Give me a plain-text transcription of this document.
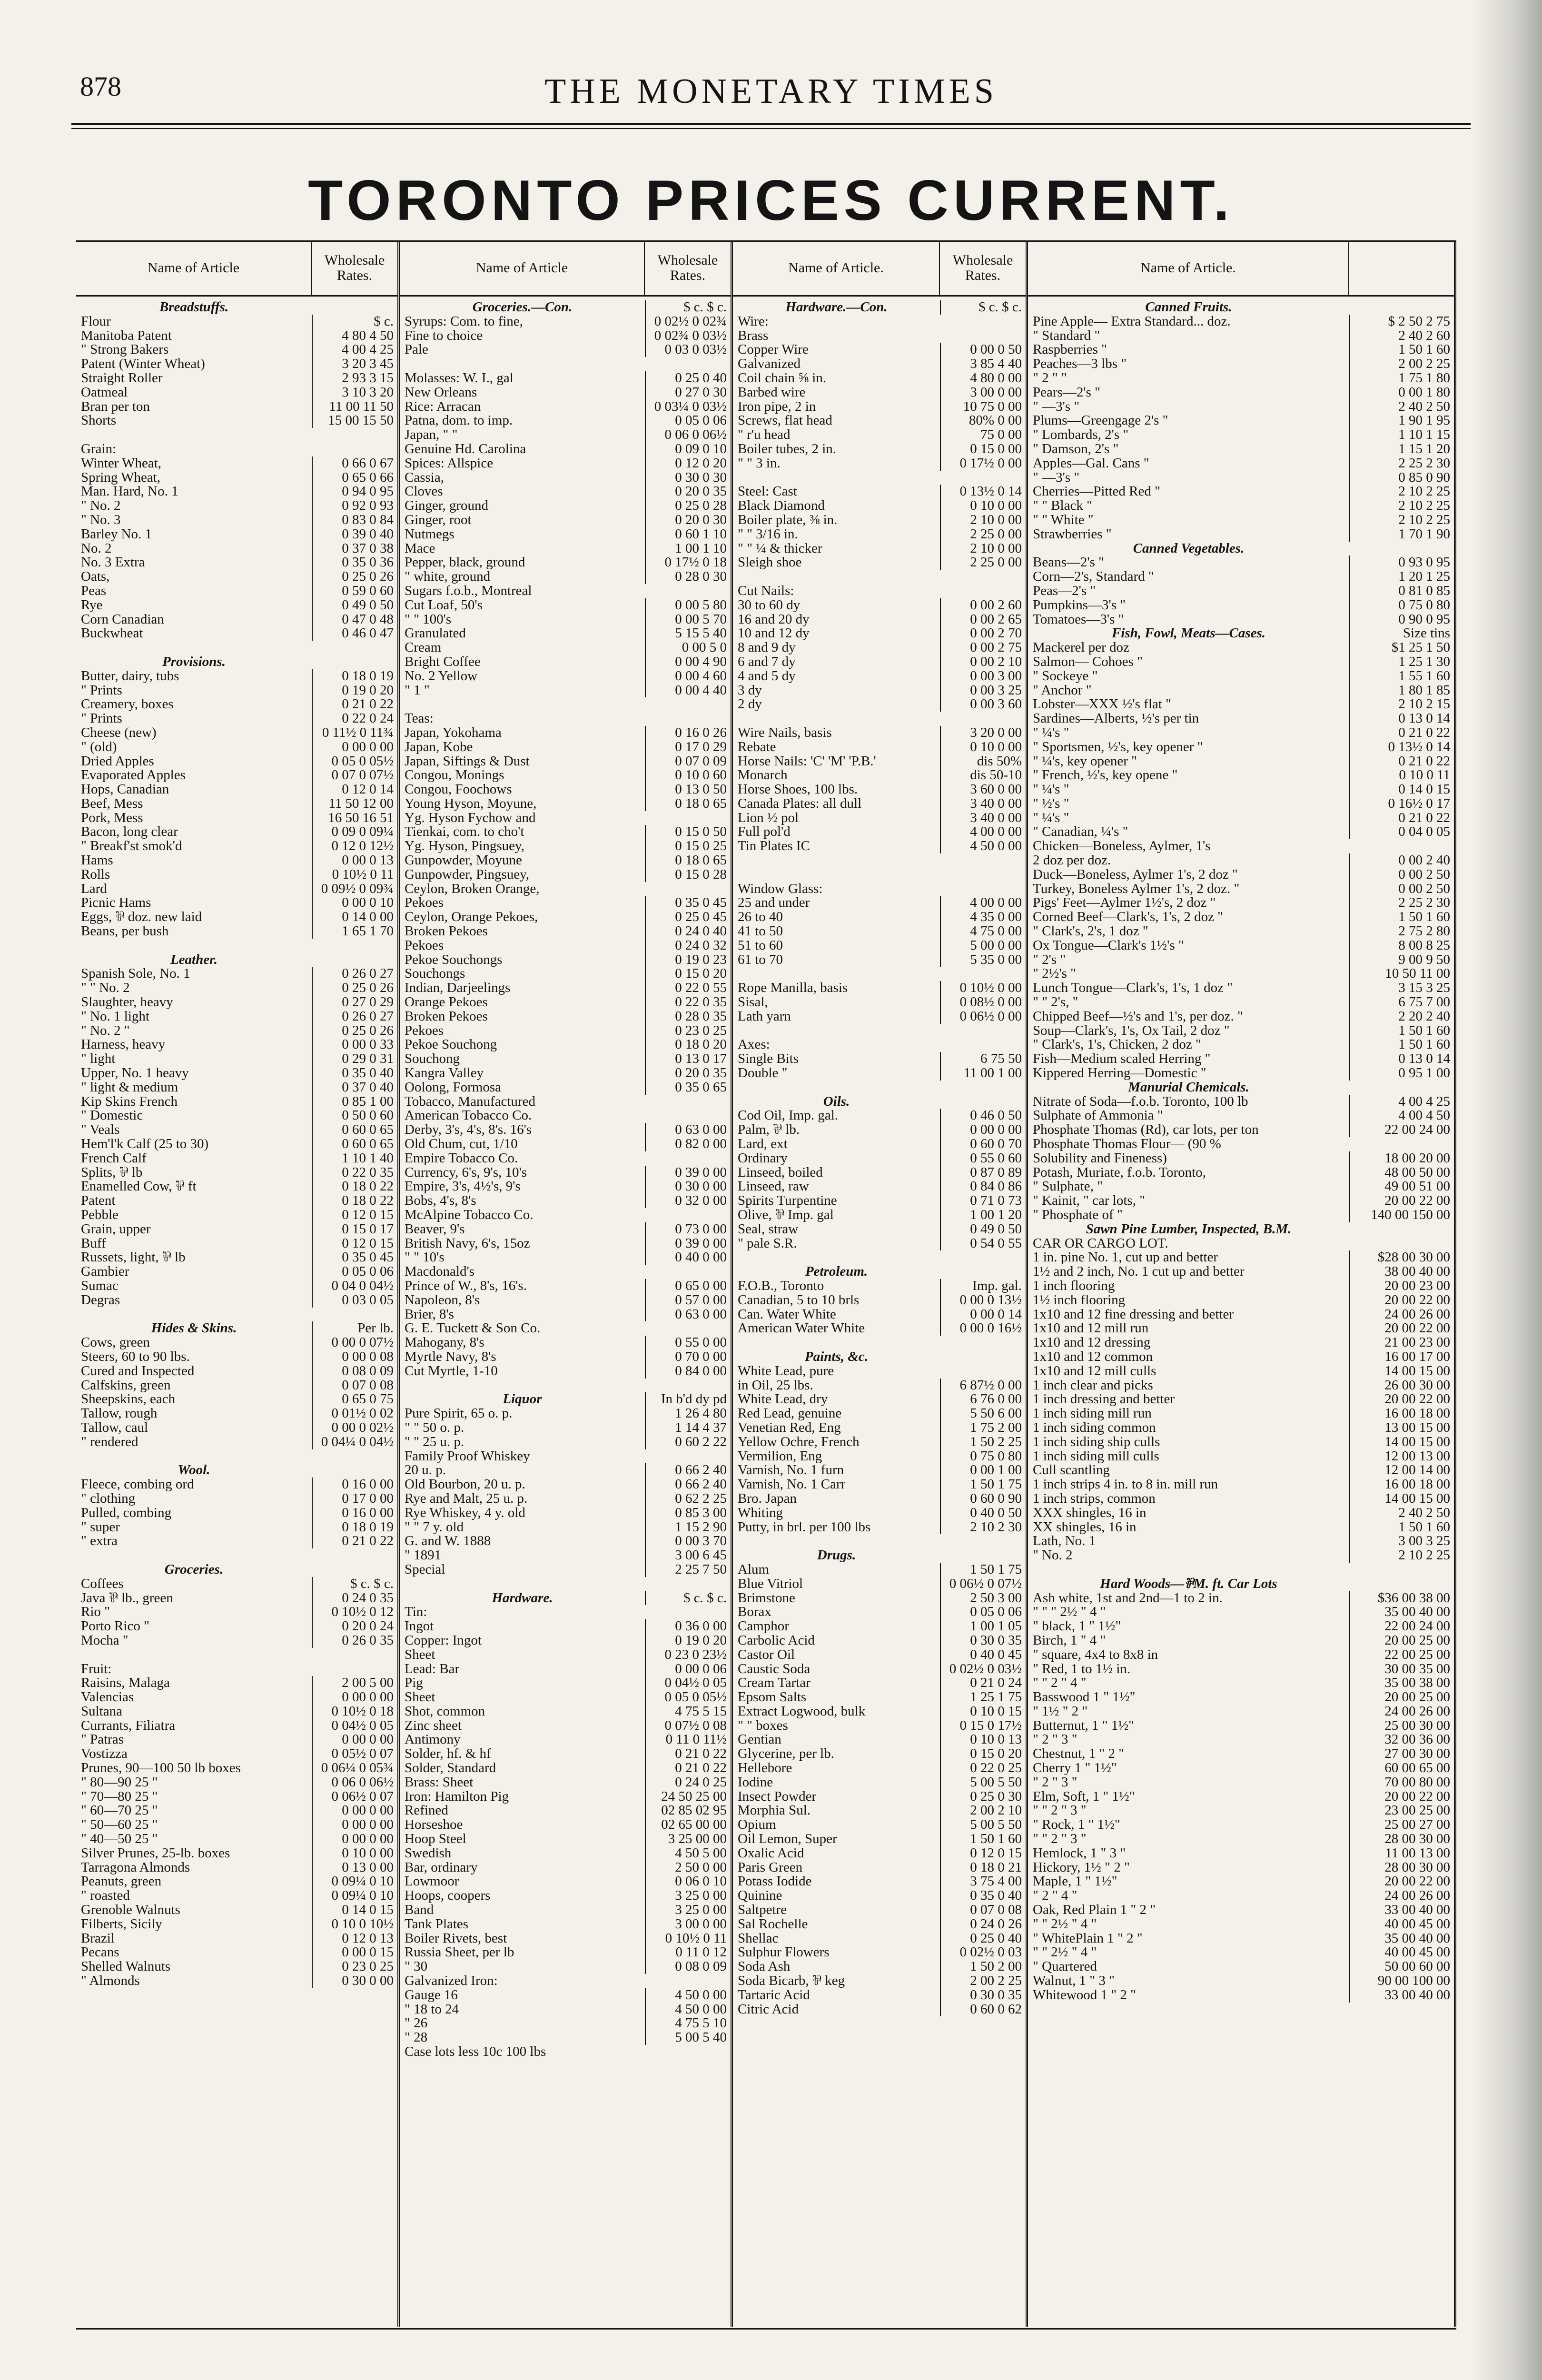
878	THE MONETARY TIMES
TORONTO PRICES CURRENT.
Name of Article	Wholesale Rates.
Breadstuffs.
Flour	$ c.
Manitoba Patent	4 80 4 50
" Strong Bakers	4 00 4 25
Patent (Winter Wheat)	3 20 3 45
Straight Roller	2 93 3 15
Oatmeal	3 10 3 20
Bran per ton	11 00 11 50
Shorts	15 00 15 50
Grain:
Winter Wheat,	0 66 0 67
Spring Wheat,	0 65 0 66
Man. Hard, No. 1	0 94 0 95
" No. 2	0 92 0 93
" No. 3	0 83 0 84
Barley No. 1	0 39 0 40
No. 2	0 37 0 38
No. 3 Extra	0 35 0 36
Oats,	0 25 0 26
Peas	0 59 0 60
Rye	0 49 0 50
Corn Canadian	0 47 0 48
Buckwheat	0 46 0 47
Provisions.
Butter, dairy, tubs	0 18 0 19
" Prints	0 19 0 20
Creamery, boxes	0 21 0 22
" Prints	0 22 0 24
Cheese (new)	0 11½ 0 11¾
" (old)	0 00 0 00
Dried Apples	0 05 0 05½
Evaporated Apples	0 07 0 07½
Hops, Canadian	0 12 0 14
Beef, Mess	11 50 12 00
Pork, Mess	16 50 16 51
Bacon, long clear	0 09 0 09¼
" Breakf'st smok'd	0 12 0 12½
Hams	0 00 0 13
Rolls	0 10½ 0 11
Lard	0 09½ 0 09¾
Picnic Hams	0 00 0 10
Eggs, ⅌ doz. new laid	0 14 0 00
Beans, per bush	1 65 1 70
Leather.
Spanish Sole, No. 1	0 26 0 27
" " No. 2	0 25 0 26
Slaughter, heavy	0 27 0 29
" No. 1 light	0 26 0 27
" No. 2 "	0 25 0 26
Harness, heavy	0 00 0 33
" light	0 29 0 31
Upper, No. 1 heavy	0 35 0 40
" light & medium	0 37 0 40
Kip Skins French	0 85 1 00
" Domestic	0 50 0 60
" Veals	0 60 0 65
Hem'l'k Calf (25 to 30)	0 60 0 65
French Calf	1 10 1 40
Splits, ⅌ lb	0 22 0 35
Enamelled Cow, ⅌ ft	0 18 0 22
Patent	0 18 0 22
Pebble	0 12 0 15
Grain, upper	0 15 0 17
Buff	0 12 0 15
Russets, light, ⅌ lb	0 35 0 45
Gambier	0 05 0 06
Sumac	0 04 0 04½
Degras	0 03 0 05
Hides & Skins.	Per lb.
Cows, green	0 00 0 07½
Steers, 60 to 90 lbs.	0 00 0 08
Cured and Inspected	0 08 0 09
Calfskins, green	0 07 0 08
Sheepskins, each	0 65 0 75
Tallow, rough	0 01½ 0 02
Tallow, caul	0 00 0 02½
" rendered	0 04¼ 0 04½
Wool.
Fleece, combing ord	0 16 0 00
" clothing	0 17 0 00
Pulled, combing	0 16 0 00
" super	0 18 0 19
" extra	0 21 0 22
Groceries.
Coffees	$ c. $ c.
Java ⅌ lb., green	0 24 0 35
Rio "	0 10½ 0 12
Porto Rico "	0 20 0 24
Mocha "	0 26 0 35
Fruit:
Raisins, Malaga	2 00 5 00
Valencias	0 00 0 00
Sultana	0 10½ 0 18
Currants, Filiatra	0 04½ 0 05
" Patras	0 00 0 00
Vostizza	0 05½ 0 07
Prunes, 90—100 50 lb boxes	0 06¼ 0 05¾
" 80—90 25 "	0 06 0 06½
" 70—80 25 "	0 06½ 0 07
" 60—70 25 "	0 00 0 00
" 50—60 25 "	0 00 0 00
" 40—50 25 "	0 00 0 00
Silver Prunes, 25-lb. boxes	0 10 0 00
Tarragona Almonds	0 13 0 00
Peanuts, green	0 09¼ 0 10
" roasted	0 09¼ 0 10
Grenoble Walnuts	0 14 0 15
Filberts, Sicily	0 10 0 10½
Brazil	0 12 0 13
Pecans	0 00 0 15
Shelled Walnuts	0 23 0 25
" Almonds	0 30 0 00
Name of Article	Wholesale Rates.
Groceries.—Con.	$ c. $ c.
Syrups: Com. to fine,	0 02½ 0 02¾
Fine to choice	0 02¾ 0 03½
Pale	0 03 0 03½
Molasses: W. I., gal	0 25 0 40
New Orleans	0 27 0 30
Rice: Arracan	0 03¼ 0 03½
Patna, dom. to imp.	0 05 0 06
Japan, " "	0 06 0 06½
Genuine Hd. Carolina	0 09 0 10
Spices: Allspice	0 12 0 20
Cassia,	0 30 0 30
Cloves	0 20 0 35
Ginger, ground	0 25 0 28
Ginger, root	0 20 0 30
Nutmegs	0 60 1 10
Mace	1 00 1 10
Pepper, black, ground	0 17½ 0 18
" white, ground	0 28 0 30
Sugars f.o.b., Montreal
Cut Loaf, 50's	0 00 5 80
" " 100's	0 00 5 70
Granulated	5 15 5 40
Cream	0 00 5 0
Bright Coffee	0 00 4 90
No. 2 Yellow	0 00 4 60
" 1 "	0 00 4 40
Teas:
Japan, Yokohama	0 16 0 26
Japan, Kobe	0 17 0 29
Japan, Siftings & Dust	0 07 0 09
Congou, Monings	0 10 0 60
Congou, Foochows	0 13 0 50
Young Hyson, Moyune,	0 18 0 65
Yg. Hyson Fychow and
Tienkai, com. to cho't	0 15 0 50
Yg. Hyson, Pingsuey,	0 15 0 25
Gunpowder, Moyune	0 18 0 65
Gunpowder, Pingsuey,	0 15 0 28
Ceylon, Broken Orange,
Pekoes	0 35 0 45
Ceylon, Orange Pekoes,	0 25 0 45
Broken Pekoes	0 24 0 40
Pekoes	0 24 0 32
Pekoe Souchongs	0 19 0 23
Souchongs	0 15 0 20
Indian, Darjeelings	0 22 0 55
Orange Pekoes	0 22 0 35
Broken Pekoes	0 28 0 35
Pekoes	0 23 0 25
Pekoe Souchong	0 18 0 20
Souchong	0 13 0 17
Kangra Valley	0 20 0 35
Oolong, Formosa	0 35 0 65
Tobacco, Manufactured
American Tobacco Co.
Derby, 3's, 4's, 8's. 16's	0 63 0 00
Old Chum, cut, 1/10	0 82 0 00
Empire Tobacco Co.
Currency, 6's, 9's, 10's	0 39 0 00
Empire, 3's, 4½'s, 9's	0 30 0 00
Bobs, 4's, 8's	0 32 0 00
McAlpine Tobacco Co.
Beaver, 9's	0 73 0 00
British Navy, 6's, 15oz	0 39 0 00
" " 10's	0 40 0 00
Macdonald's
Prince of W., 8's, 16's.	0 65 0 00
Napoleon, 8's	0 57 0 00
Brier, 8's	0 63 0 00
G. E. Tuckett & Son Co.
Mahogany, 8's	0 55 0 00
Myrtle Navy, 8's	0 70 0 00
Cut Myrtle, 1-10	0 84 0 00
Liquor	In b'd dy pd
Pure Spirit, 65 o. p.	1 26 4 80
" " 50 o. p.	1 14 4 37
" " 25 u. p.	0 60 2 22
Family Proof Whiskey
20 u. p.	0 66 2 40
Old Bourbon, 20 u. p.	0 66 2 40
Rye and Malt, 25 u. p.	0 62 2 25
Rye Whiskey, 4 y. old	0 85 3 00
" " 7 y. old	1 15 2 90
G. and W. 1888	0 00 3 70
" 1891	3 00 6 45
Special	2 25 7 50
Hardware.	$ c. $ c.
Tin:
Ingot	0 36 0 00
Copper: Ingot	0 19 0 20
Sheet	0 23 0 23½
Lead: Bar	0 00 0 06
Pig	0 04½ 0 05
Sheet	0 05 0 05½
Shot, common	4 75 5 15
Zinc sheet	0 07½ 0 08
Antimony	0 11 0 11½
Solder, hf. & hf	0 21 0 22
Solder, Standard	0 21 0 22
Brass: Sheet	0 24 0 25
Iron: Hamilton Pig	24 50 25 00
Refined	02 85 02 95
Horseshoe	02 65 00 00
Hoop Steel	3 25 00 00
Swedish	4 50 5 00
Bar, ordinary	2 50 0 00
Lowmoor	0 06 0 10
Hoops, coopers	3 25 0 00
Band	3 25 0 00
Tank Plates	3 00 0 00
Boiler Rivets, best	0 10½ 0 11
Russia Sheet, per lb	0 11 0 12
" 30	0 08 0 09
Galvanized Iron:
Gauge 16	4 50 0 00
" 18 to 24	4 50 0 00
" 26	4 75 5 10
" 28	5 00 5 40
Case lots less 10c 100 lbs
Name of Article.	Wholesale Rates.
Hardware.—Con.	$ c. $ c.
Wire:
Brass
Copper Wire	0 00 0 50
Galvanized	3 85 4 40
Coil chain ⅝ in.	4 80 0 00
Barbed wire	3 00 0 00
Iron pipe, 2 in	10 75 0 00
Screws, flat head	80% 0 00
" r'u head	75 0 00
Boiler tubes, 2 in.	0 15 0 00
" " 3 in.	0 17½ 0 00
Steel: Cast	0 13½ 0 14
Black Diamond	0 10 0 00
Boiler plate, ⅜ in.	2 10 0 00
" " 3/16 in.	2 25 0 00
" " ¼ & thicker	2 10 0 00
Sleigh shoe	2 25 0 00
Cut Nails:
30 to 60 dy	0 00 2 60
16 and 20 dy	0 00 2 65
10 and 12 dy	0 00 2 70
8 and 9 dy	0 00 2 75
6 and 7 dy	0 00 2 10
4 and 5 dy	0 00 3 00
3 dy	0 00 3 25
2 dy	0 00 3 60
Wire Nails, basis	3 20 0 00
Rebate	0 10 0 00
Horse Nails: 'C' 'M' 'P.B.'	dis 50%
Monarch	dis 50-10
Horse Shoes, 100 lbs.	3 60 0 00
Canada Plates: all dull	3 40 0 00
Lion ½ pol	3 40 0 00
Full pol'd	4 00 0 00
Tin Plates IC	4 50 0 00
Window Glass:
25 and under	4 00 0 00
26 to 40	4 35 0 00
41 to 50	4 75 0 00
51 to 60	5 00 0 00
61 to 70	5 35 0 00
Rope Manilla, basis	0 10½ 0 00
Sisal,	0 08½ 0 00
Lath yarn	0 06½ 0 00
Axes:
Single Bits	6 75 50
Double "	11 00 1 00
Oils.
Cod Oil, Imp. gal.	0 46 0 50
Palm, ⅌ lb.	0 00 0 00
Lard, ext	0 60 0 70
Ordinary	0 55 0 60
Linseed, boiled	0 87 0 89
Linseed, raw	0 84 0 86
Spirits Turpentine	0 71 0 73
Olive, ⅌ Imp. gal	1 00 1 20
Seal, straw	0 49 0 50
" pale S.R.	0 54 0 55
Petroleum.
F.O.B., Toronto	Imp. gal.
Canadian, 5 to 10 brls	0 00 0 13½
Can. Water White	0 00 0 14
American Water White	0 00 0 16½
Paints, &c.
White Lead, pure
in Oil, 25 lbs.	6 87½ 0 00
White Lead, dry	6 76 0 00
Red Lead, genuine	5 50 6 00
Venetian Red, Eng	1 75 2 00
Yellow Ochre, French	1 50 2 25
Vermilion, Eng	0 75 0 80
Varnish, No. 1 furn	0 00 1 00
Varnish, No. 1 Carr	1 50 1 75
Bro. Japan	0 60 0 90
Whiting	0 40 0 50
Putty, in brl. per 100 lbs	2 10 2 30
Drugs.
Alum	1 50 1 75
Blue Vitriol	0 06½ 0 07½
Brimstone	2 50 3 00
Borax	0 05 0 06
Camphor	1 00 1 05
Carbolic Acid	0 30 0 35
Castor Oil	0 40 0 45
Caustic Soda	0 02½ 0 03½
Cream Tartar	0 21 0 24
Epsom Salts	1 25 1 75
Extract Logwood, bulk	0 10 0 15
" " boxes	0 15 0 17½
Gentian	0 10 0 13
Glycerine, per lb.	0 15 0 20
Hellebore	0 22 0 25
Iodine	5 00 5 50
Insect Powder	0 25 0 30
Morphia Sul.	2 00 2 10
Opium	5 00 5 50
Oil Lemon, Super	1 50 1 60
Oxalic Acid	0 12 0 15
Paris Green	0 18 0 21
Potass Iodide	3 75 4 00
Quinine	0 35 0 40
Saltpetre	0 07 0 08
Sal Rochelle	0 24 0 26
Shellac	0 25 0 40
Sulphur Flowers	0 02½ 0 03
Soda Ash	1 50 2 00
Soda Bicarb, ⅌ keg	2 00 2 25
Tartaric Acid	0 30 0 35
Citric Acid	0 60 0 62
Name of Article.
Canned Fruits.
Pine Apple— Extra Standard... doz.	$ 2 50 2 75
" Standard "	2 40 2 60
Raspberries "	1 50 1 60
Peaches—3 lbs "	2 00 2 25
" 2 " "	1 75 1 80
Pears—2's "	0 00 1 80
" —3's "	2 40 2 50
Plums—Greengage 2's "	1 90 1 95
" Lombards, 2's "	1 10 1 15
" Damson, 2's "	1 15 1 20
Apples—Gal. Cans "	2 25 2 30
" —3's "	0 85 0 90
Cherries—Pitted Red "	2 10 2 25
" " Black "	2 10 2 25
" " White "	2 10 2 25
Strawberries "	1 70 1 90
Canned Vegetables.
Beans—2's "	0 93 0 95
Corn—2's, Standard "	1 20 1 25
Peas—2's "	0 81 0 85
Pumpkins—3's "	0 75 0 80
Tomatoes—3's "	0 90 0 95
Fish, Fowl, Meats—Cases.	Size tins
Mackerel per doz	$1 25 1 50
Salmon— Cohoes "	1 25 1 30
" Sockeye "	1 55 1 60
" Anchor "	1 80 1 85
Lobster—XXX ½'s flat "	2 10 2 15
Sardines—Alberts, ½'s per tin	0 13 0 14
" ¼'s "	0 21 0 22
" Sportsmen, ½'s, key opener "	0 13½ 0 14
" ¼'s, key opener "	0 21 0 22
" French, ½'s, key opene "	0 10 0 11
" ¼'s "	0 14 0 15
" ½'s "	0 16½ 0 17
" ¼'s "	0 21 0 22
" Canadian, ¼'s "	0 04 0 05
Chicken—Boneless, Aylmer, 1's
2 doz per doz.	0 00 2 40
Duck—Boneless, Aylmer 1's, 2 doz "	0 00 2 50
Turkey, Boneless Aylmer 1's, 2 doz. "	0 00 2 50
Pigs' Feet—Aylmer 1½'s, 2 doz "	2 25 2 30
Corned Beef—Clark's, 1's, 2 doz "	1 50 1 60
" Clark's, 2's, 1 doz "	2 75 2 80
Ox Tongue—Clark's 1½'s "	8 00 8 25
" 2's "	9 00 9 50
" 2½'s "	10 50 11 00
Lunch Tongue—Clark's, 1's, 1 doz "	3 15 3 25
" " 2's, "	6 75 7 00
Chipped Beef—½'s and 1's, per doz. "	2 20 2 40
Soup—Clark's, 1's, Ox Tail, 2 doz "	1 50 1 60
" Clark's, 1's, Chicken, 2 doz "	1 50 1 60
Fish—Medium scaled Herring "	0 13 0 14
Kippered Herring—Domestic "	0 95 1 00
Manurial Chemicals.
Nitrate of Soda—f.o.b. Toronto, 100 lb	4 00 4 25
Sulphate of Ammonia "	4 00 4 50
Phosphate Thomas (Rd), car lots, per ton	22 00 24 00
Phosphate Thomas Flour— (90 %
Solubility and Fineness)	18 00 20 00
Potash, Muriate, f.o.b. Toronto,	48 00 50 00
" Sulphate, "	49 00 51 00
" Kainit, " car lots, "	20 00 22 00
" Phosphate of "	140 00 150 00
Sawn Pine Lumber, Inspected, B.M.
CAR OR CARGO LOT.
1 in. pine No. 1, cut up and better	$28 00 30 00
1½ and 2 inch, No. 1 cut up and better	38 00 40 00
1 inch flooring	20 00 23 00
1½ inch flooring	20 00 22 00
1x10 and 12 fine dressing and better	24 00 26 00
1x10 and 12 mill run	20 00 22 00
1x10 and 12 dressing	21 00 23 00
1x10 and 12 common	16 00 17 00
1x10 and 12 mill culls	14 00 15 00
1 inch clear and picks	26 00 30 00
1 inch dressing and better	20 00 22 00
1 inch siding mill run	16 00 18 00
1 inch siding common	13 00 15 00
1 inch siding ship culls	14 00 15 00
1 inch siding mill culls	12 00 13 00
Cull scantling	12 00 14 00
1 inch strips 4 in. to 8 in. mill run	16 00 18 00
1 inch strips, common	14 00 15 00
XXX shingles, 16 in	2 40 2 50
XX shingles, 16 in	1 50 1 60
Lath, No. 1	3 00 3 25
" No. 2	2 10 2 25
Hard Woods—⅌M. ft. Car Lots
Ash white, 1st and 2nd—1 to 2 in.	$36 00 38 00
" " " 2½ " 4 "	35 00 40 00
" black, 1 " 1½"	22 00 24 00
Birch, 1 " 4 "	20 00 25 00
" square, 4x4 to 8x8 in	22 00 25 00
" Red, 1 to 1½ in.	30 00 35 00
" " 2 " 4 "	35 00 38 00
Basswood 1 " 1½"	20 00 25 00
" 1½ " 2 "	24 00 26 00
Butternut, 1 " 1½"	25 00 30 00
" 2 " 3 "	32 00 36 00
Chestnut, 1 " 2 "	27 00 30 00
Cherry 1 " 1½"	60 00 65 00
" 2 " 3 "	70 00 80 00
Elm, Soft, 1 " 1½"	20 00 22 00
" " 2 " 3 "	23 00 25 00
" Rock, 1 " 1½"	25 00 27 00
" " 2 " 3 "	28 00 30 00
Hemlock, 1 " 3 "	11 00 13 00
Hickory, 1½ " 2 "	28 00 30 00
Maple, 1 " 1½"	20 00 22 00
" 2 " 4 "	24 00 26 00
Oak, Red Plain 1 " 2 "	33 00 40 00
" " 2½ " 4 "	40 00 45 00
" WhitePlain 1 " 2 "	35 00 40 00
" " 2½ " 4 "	40 00 45 00
" Quartered	50 00 60 00
Walnut, 1 " 3 "	90 00 100 00
Whitewood 1 " 2 "	33 00 40 00
